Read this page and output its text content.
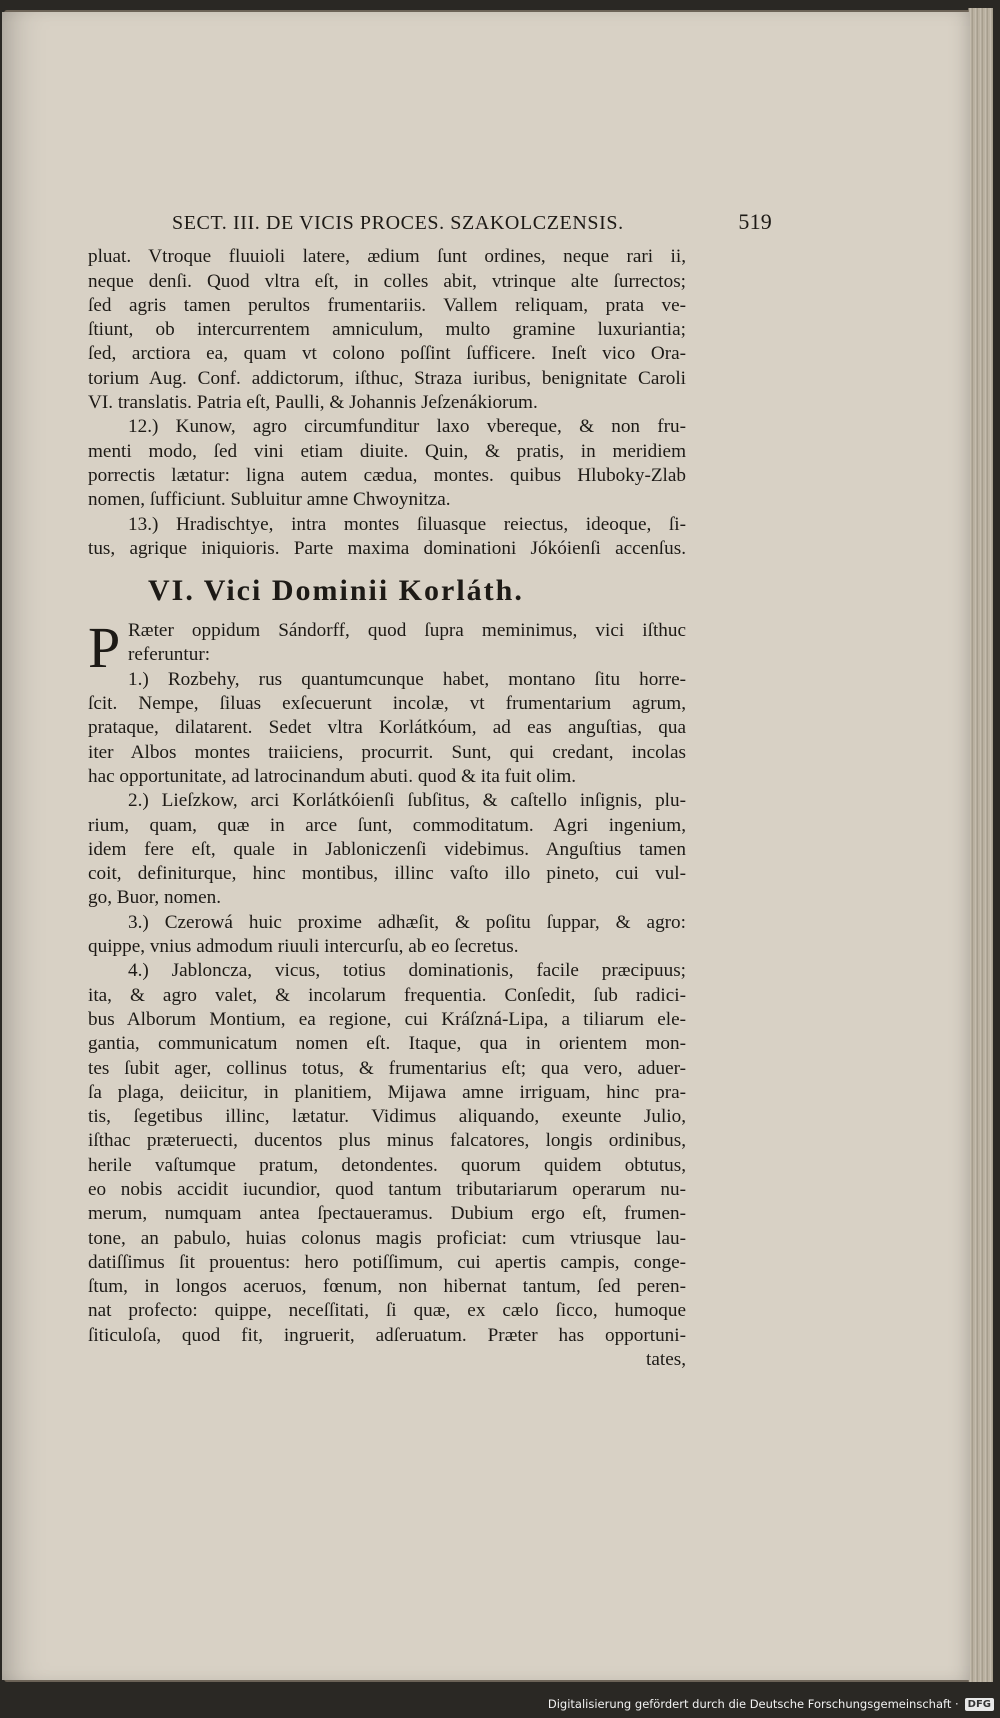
SECT. III. DE VICIS PROCES. SZAKOLCZENSIS.	519
pluat. Vtroque fluuioli latere, ædium ſunt ordines, neque rari ii,
neque denſi. Quod vltra eſt, in colles abit, vtrinque alte ſurrectos;
ſed agris tamen perultos frumentariis. Vallem reliquam, prata ve-
ſtiunt, ob intercurrentem amniculum, multo gramine luxuriantia;
ſed, arctiora ea, quam vt colono poſſint ſufficere. Ineſt vico Ora-
torium Aug. Conf. addictorum, iſthuc, Straza iuribus, benignitate Caroli
VI. translatis. Patria eſt, Paulli, & Johannis Jeſzenákiorum.
12.) Kunow, agro circumfunditur laxo vbereque, & non fru-
menti modo, ſed vini etiam diuite. Quin, & pratis, in meridiem
porrectis lætatur: ligna autem cædua, montes. quibus Hluboky-Zlab
nomen, ſufficiunt. Subluitur amne Chwoynitza.
13.) Hradischtye, intra montes ſiluasque reiectus, ideoque, ſi-
tus, agrique iniquioris. Parte maxima dominationi Jókóienſi accenſus.
VI. Vici Dominii Korláth.
P Ræter oppidum Sándorff, quod ſupra meminimus, vici iſthuc
referuntur:
1.) Rozbehy, rus quantumcunque habet, montano ſitu horre-
ſcit. Nempe, ſiluas exſecuerunt incolæ, vt frumentarium agrum,
prataque, dilatarent. Sedet vltra Korlátkóum, ad eas anguſtias, qua
iter Albos montes traiiciens, procurrit. Sunt, qui credant, incolas
hac opportunitate, ad latrocinandum abuti. quod & ita fuit olim.
2.) Lieſzkow, arci Korlátkóienſi ſubſitus, & caſtello inſignis, plu-
rium, quam, quæ in arce ſunt, commoditatum. Agri ingenium,
idem fere eſt, quale in Jabloniczenſi videbimus. Anguſtius tamen
coit, definiturque, hinc montibus, illinc vaſto illo pineto, cui vul-
go, Buor, nomen.
3.) Czerowá huic proxime adhæſit, & poſitu ſuppar, & agro:
quippe, vnius admodum riuuli intercurſu, ab eo ſecretus.
4.) Jabloncza, vicus, totius dominationis, facile præcipuus;
ita, & agro valet, & incolarum frequentia. Conſedit, ſub radici-
bus Alborum Montium, ea regione, cui Kráſzná-Lipa, a tiliarum ele-
gantia, communicatum nomen eſt. Itaque, qua in orientem mon-
tes ſubit ager, collinus totus, & frumentarius eſt; qua vero, aduer-
ſa plaga, deiicitur, in planitiem, Mijawa amne irriguam, hinc pra-
tis, ſegetibus illinc, lætatur. Vidimus aliquando, exeunte Julio,
iſthac præteruecti, ducentos plus minus falcatores, longis ordinibus,
herile vaſtumque pratum, detondentes. quorum quidem obtutus,
eo nobis accidit iucundior, quod tantum tributariarum operarum nu-
merum, numquam antea ſpectaueramus. Dubium ergo eſt, frumen-
tone, an pabulo, huias colonus magis proficiat: cum vtriusque lau-
datiſſimus ſit prouentus: hero potiſſimum, cui apertis campis, conge-
ſtum, in longos aceruos, fœnum, non hibernat tantum, ſed peren-
nat profecto: quippe, neceſſitati, ſi quæ, ex cælo ſicco, humoque
ſiticuloſa, quod fit, ingruerit, adſeruatum. Præter has opportuni-
tates,
Digitalisierung gefördert durch die Deutsche Forschungsgemeinschaft · DFG
